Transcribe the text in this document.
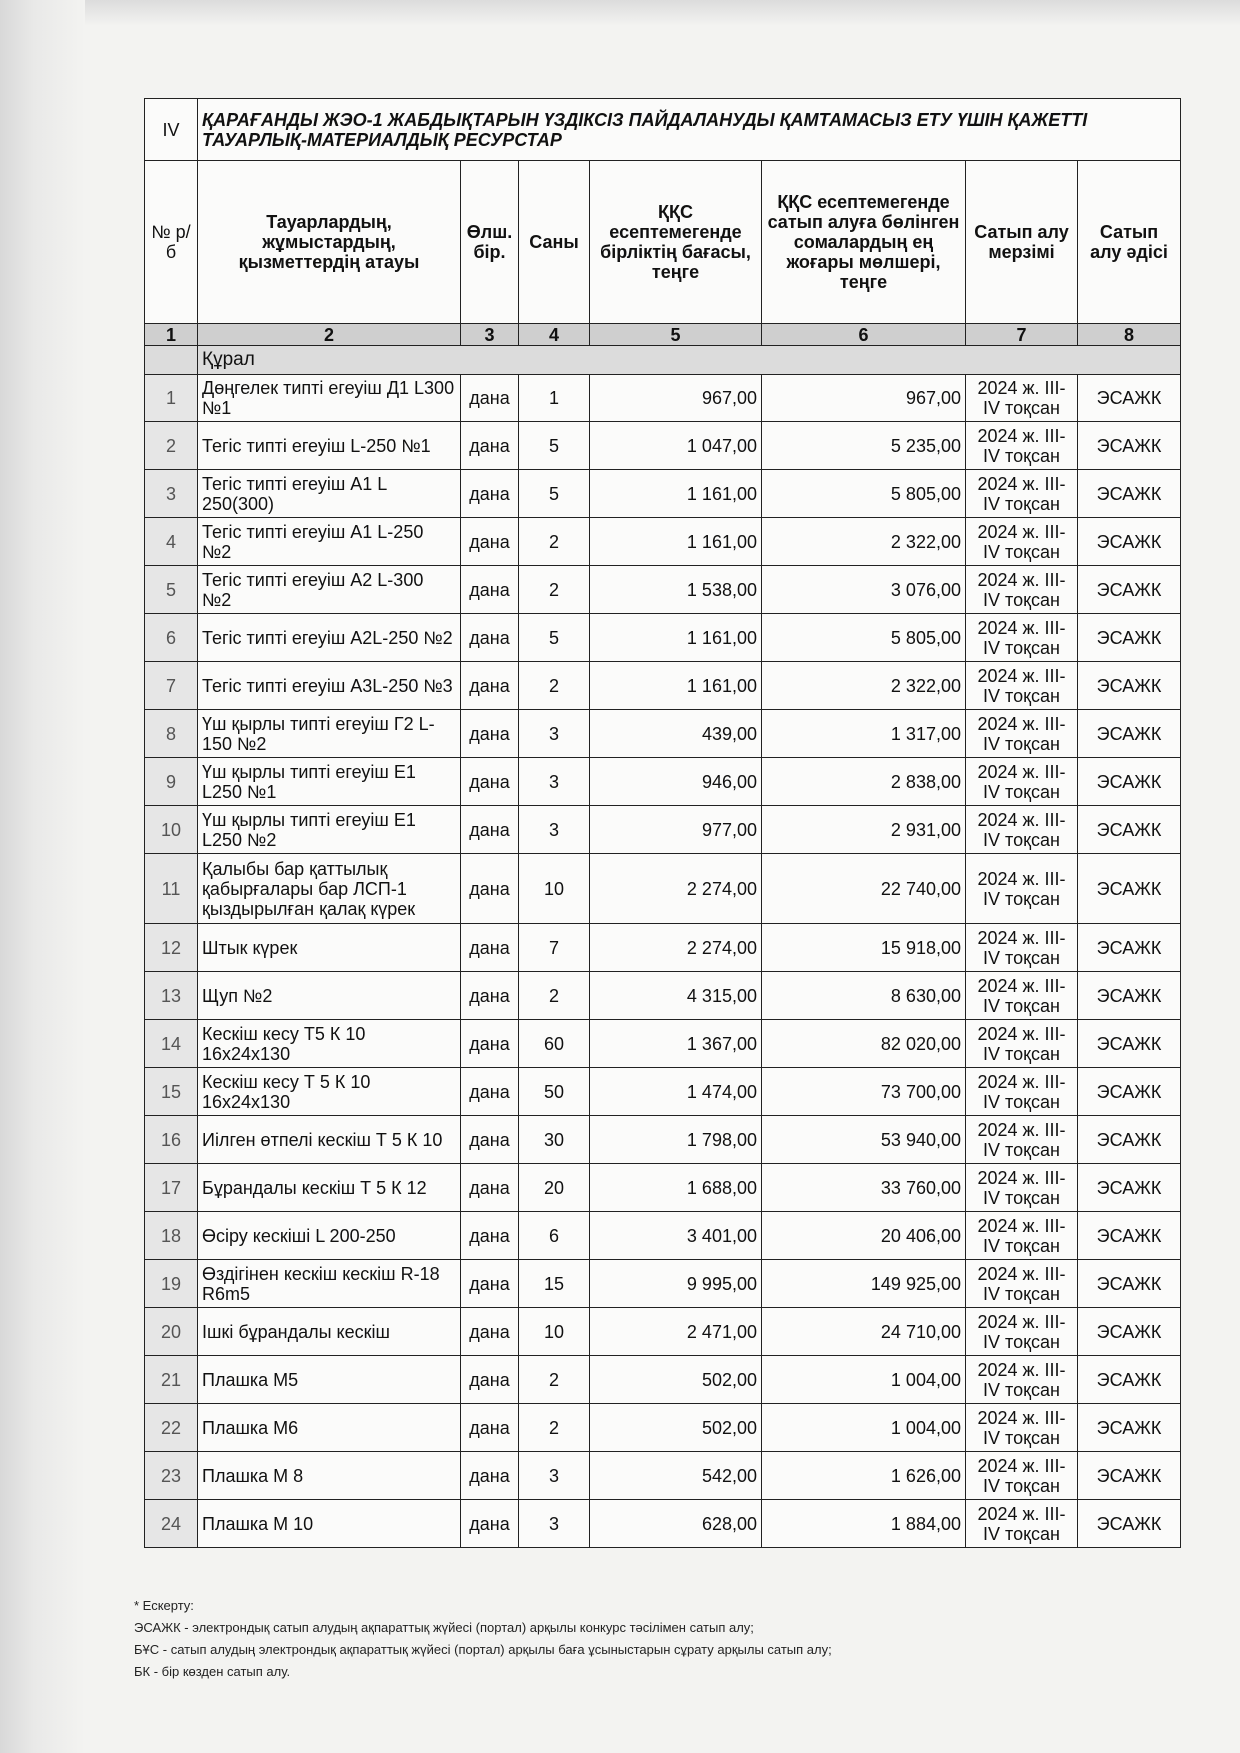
IV	ҚАРАҒАНДЫ ЖЭО-1 ЖАБДЫҚТАРЫН ҮЗДІКСІЗ ПАЙДАЛАНУДЫ ҚАМТАМАСЫЗ ЕТУ ҮШІН ҚАЖЕТТІ ТАУАРЛЫҚ-МАТЕРИАЛДЫҚ РЕСУРСТАР						
№ р/б	Тауарлардың, жұмыстардың, қызметтердің атауы	Өлш. бір.	Саны	ҚҚС есептемегенде бірліктің бағасы, теңге	ҚҚС есептемегенде сатып алуға бөлінген сомалардың ең жоғары мөлшері, теңге	Сатып алу мерзімі	Сатып алу әдісі
1	2	3	4	5	6	7	8
	Құрал						
1	Дөңгелек типті егеуіш Д1 L300 №1	дана	1	967,00	967,00	2024 ж. III-IV тоқсан	ЭСАЖК
2	Тегіс типті егеуіш L-250 №1	дана	5	1 047,00	5 235,00	2024 ж. III-IV тоқсан	ЭСАЖК
3	Тегіс типті егеуіш A1 L 250(300)	дана	5	1 161,00	5 805,00	2024 ж. III-IV тоқсан	ЭСАЖК
4	Тегіс типті егеуіш A1 L-250 №2	дана	2	1 161,00	2 322,00	2024 ж. III-IV тоқсан	ЭСАЖК
5	Тегіс типті егеуіш A2 L-300 №2	дана	2	1 538,00	3 076,00	2024 ж. III-IV тоқсан	ЭСАЖК
6	Тегіс типті егеуіш A2L-250 №2	дана	5	1 161,00	5 805,00	2024 ж. III-IV тоқсан	ЭСАЖК
7	Тегіс типті егеуіш A3L-250 №3	дана	2	1 161,00	2 322,00	2024 ж. III-IV тоқсан	ЭСАЖК
8	Үш қырлы типті егеуіш Г2 L-150 №2	дана	3	439,00	1 317,00	2024 ж. III-IV тоқсан	ЭСАЖК
9	Үш қырлы типті егеуіш E1 L250 №1	дана	3	946,00	2 838,00	2024 ж. III-IV тоқсан	ЭСАЖК
10	Үш қырлы типті егеуіш E1 L250 №2	дана	3	977,00	2 931,00	2024 ж. III-IV тоқсан	ЭСАЖК
11	Қалыбы бар қаттылық қабырғалары бар ЛСП-1 қыздырылған қалақ күрек	дана	10	2 274,00	22 740,00	2024 ж. III-IV тоқсан	ЭСАЖК
12	Штык күрек	дана	7	2 274,00	15 918,00	2024 ж. III-IV тоқсан	ЭСАЖК
13	Щуп №2	дана	2	4 315,00	8 630,00	2024 ж. III-IV тоқсан	ЭСАЖК
14	Кескіш кесу Т5 К 10 16х24х130	дана	60	1 367,00	82 020,00	2024 ж. III-IV тоқсан	ЭСАЖК
15	Кескіш кесу Т 5 К 10 16х24х130	дана	50	1 474,00	73 700,00	2024 ж. III-IV тоқсан	ЭСАЖК
16	Иілген өтпелі кескіш Т 5 К 10	дана	30	1 798,00	53 940,00	2024 ж. III-IV тоқсан	ЭСАЖК
17	Бұрандалы кескіш Т 5 К 12	дана	20	1 688,00	33 760,00	2024 ж. III-IV тоқсан	ЭСАЖК
18	Өсіру кескіші L 200-250	дана	6	3 401,00	20 406,00	2024 ж. III-IV тоқсан	ЭСАЖК
19	Өздігінен кескіш кескіш R-18 R6m5	дана	15	9 995,00	149 925,00	2024 ж. III-IV тоқсан	ЭСАЖК
20	Ішкі бұрандалы кескіш	дана	10	2 471,00	24 710,00	2024 ж. III-IV тоқсан	ЭСАЖК
21	Плашка М5	дана	2	502,00	1 004,00	2024 ж. III-IV тоқсан	ЭСАЖК
22	Плашка М6	дана	2	502,00	1 004,00	2024 ж. III-IV тоқсан	ЭСАЖК
23	Плашка М 8	дана	3	542,00	1 626,00	2024 ж. III-IV тоқсан	ЭСАЖК
24	Плашка М 10	дана	3	628,00	1 884,00	2024 ж. III-IV тоқсан	ЭСАЖК
* Ескерту:
ЭСАЖК - электрондық сатып алудың ақпараттық жүйесі (портал) арқылы конкурс тәсілімен сатып алу;
БҰС - сатып алудың электрондық ақпараттық жүйесі (портал) арқылы баға ұсыныстарын сұрату арқылы сатып алу;
БК - бір көзден сатып алу.
